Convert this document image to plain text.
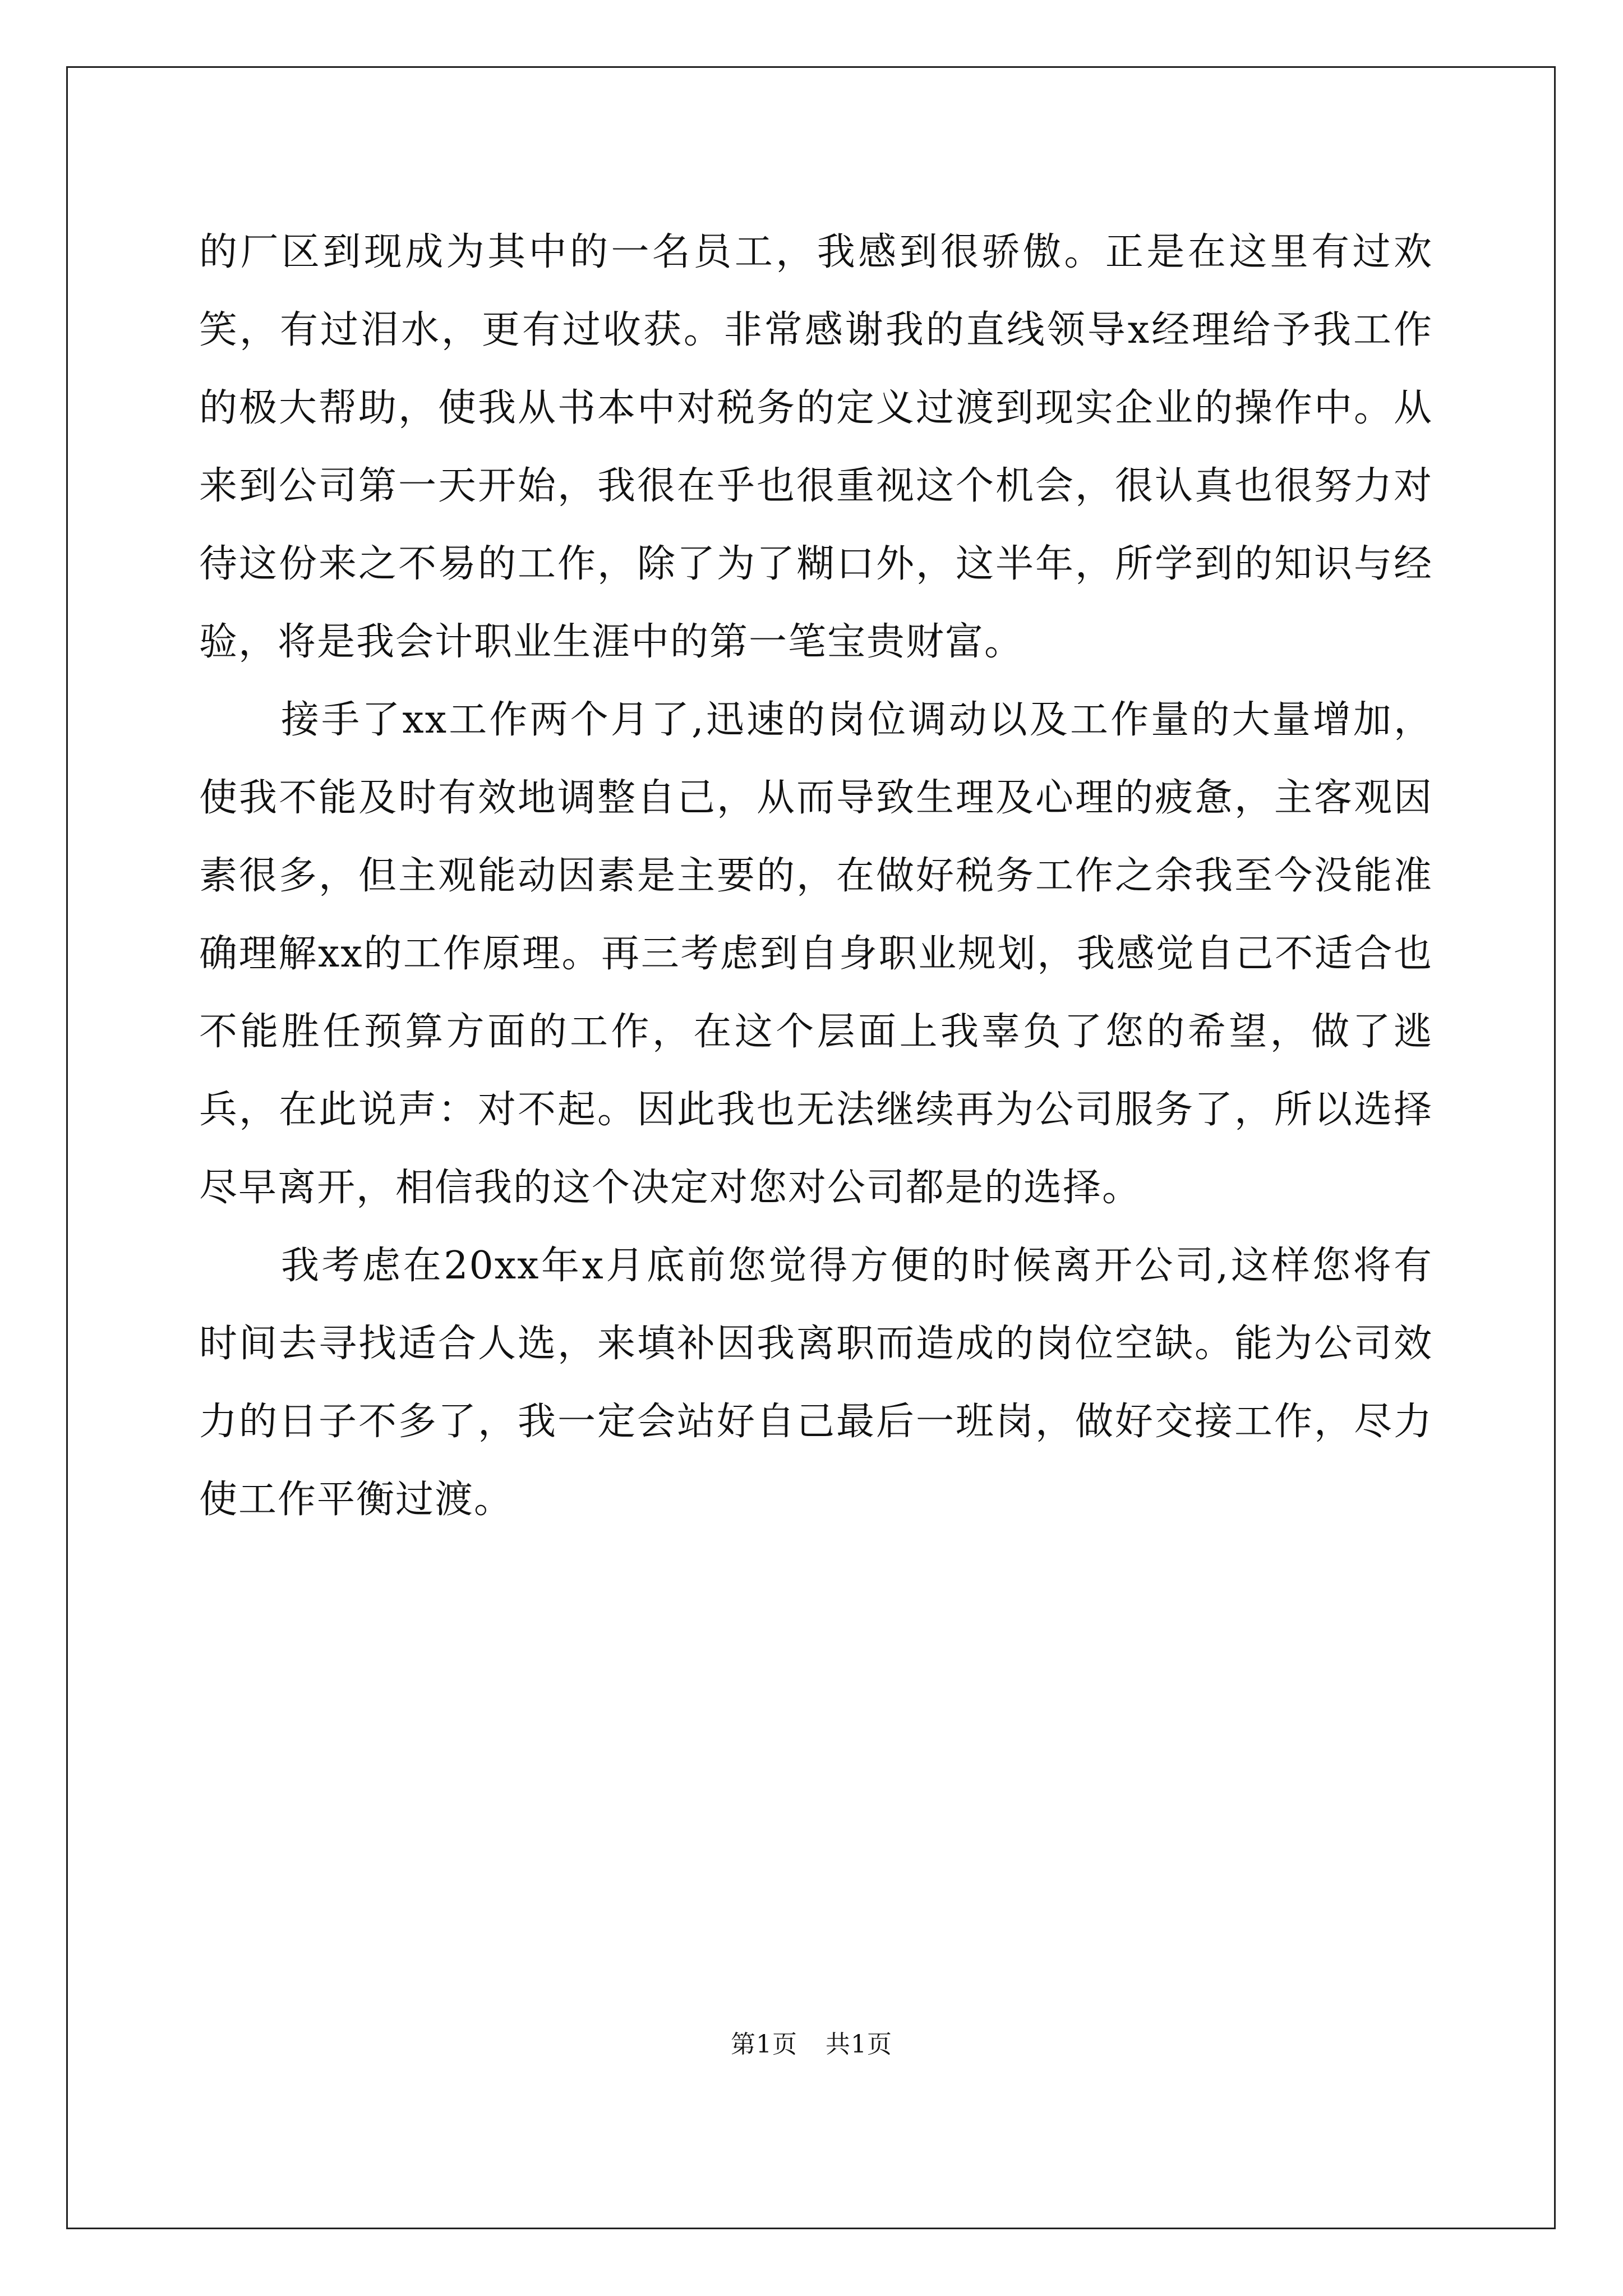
的厂区到现成为其中的一名员工，我感到很骄傲。正是在这里有过欢笑，有过泪水，更有过收获。非常感谢我的直线领导x经理给予我工作的极大帮助，使我从书本中对税务的定义过渡到现实企业的操作中。从来到公司第一天开始，我很在乎也很重视这个机会，很认真也很努力对待这份来之不易的工作，除了为了糊口外，这半年，所学到的知识与经验，将是我会计职业生涯中的第一笔宝贵财富。

接手了xx工作两个月了,迅速的岗位调动以及工作量的大量增加，使我不能及时有效地调整自己，从而导致生理及心理的疲惫，主客观因素很多，但主观能动因素是主要的，在做好税务工作之余我至今没能准确理解xx的工作原理。再三考虑到自身职业规划，我感觉自己不适合也不能胜任预算方面的工作，在这个层面上我辜负了您的希望，做了逃兵，在此说声：对不起。因此我也无法继续再为公司服务了，所以选择尽早离开，相信我的这个决定对您对公司都是的选择。

我考虑在20xx年x月底前您觉得方便的时候离开公司,这样您将有时间去寻找适合人选，来填补因我离职而造成的岗位空缺。能为公司效力的日子不多了，我一定会站好自己最后一班岗，做好交接工作，尽力使工作平衡过渡。

第1页 共1页
